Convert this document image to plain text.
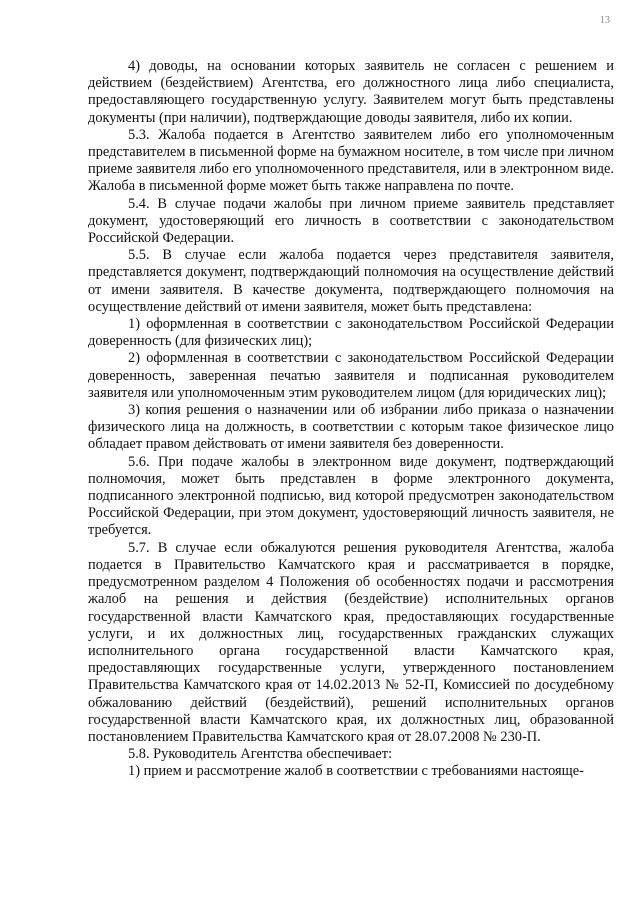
13

4) доводы, на основании которых заявитель не согласен с решением и действием (бездействием) Агентства, его должностного лица либо специалиста, предоставляющего государственную услугу. Заявителем могут быть представлены документы (при наличии), подтверждающие доводы заявителя, либо их копии.

5.3. Жалоба подается в Агентство заявителем либо его уполномоченным представителем в письменной форме на бумажном носителе, в том числе при личном приеме заявителя либо его уполномоченного представителя, или в электронном виде. Жалоба в письменной форме может быть также направлена по почте.

5.4. В случае подачи жалобы при личном приеме заявитель представляет документ, удостоверяющий его личность в соответствии с законодательством Российской Федерации.

5.5. В случае если жалоба подается через представителя заявителя, представляется документ, подтверждающий полномочия на осуществление действий от имени заявителя. В качестве документа, подтверждающего полномочия на осуществление действий от имени заявителя, может быть представлена:

1) оформленная в соответствии с законодательством Российской Федерации доверенность (для физических лиц);

2) оформленная в соответствии с законодательством Российской Федерации доверенность, заверенная печатью заявителя и подписанная руководителем заявителя или уполномоченным этим руководителем лицом (для юридических лиц);

3) копия решения о назначении или об избрании либо приказа о назначении физического лица на должность, в соответствии с которым такое физическое лицо обладает правом действовать от имени заявителя без доверенности.

5.6. При подаче жалобы в электронном виде документ, подтверждающий полномочия, может быть представлен в форме электронного документа, подписанного электронной подписью, вид которой предусмотрен законодательством Российской Федерации, при этом документ, удостоверяющий личность заявителя, не требуется.

5.7. В случае если обжалуются решения руководителя Агентства, жалоба подается в Правительство Камчатского края и рассматривается в порядке, предусмотренном разделом 4 Положения об особенностях подачи и рассмотрения жалоб на решения и действия (бездействие) исполнительных органов государственной власти Камчатского края, предоставляющих государственные услуги, и их должностных лиц, государственных гражданских служащих исполнительного органа государственной власти Камчатского края, предоставляющих государственные услуги, утвержденного постановлением Правительства Камчатского края от 14.02.2013 № 52-П, Комиссией по досудебному обжалованию действий (бездействий), решений исполнительных органов государственной власти Камчатского края, их должностных лиц, образованной постановлением Правительства Камчатского края от 28.07.2008 № 230-П.

5.8. Руководитель Агентства обеспечивает:

1) прием и рассмотрение жалоб в соответствии с требованиями настояще-
